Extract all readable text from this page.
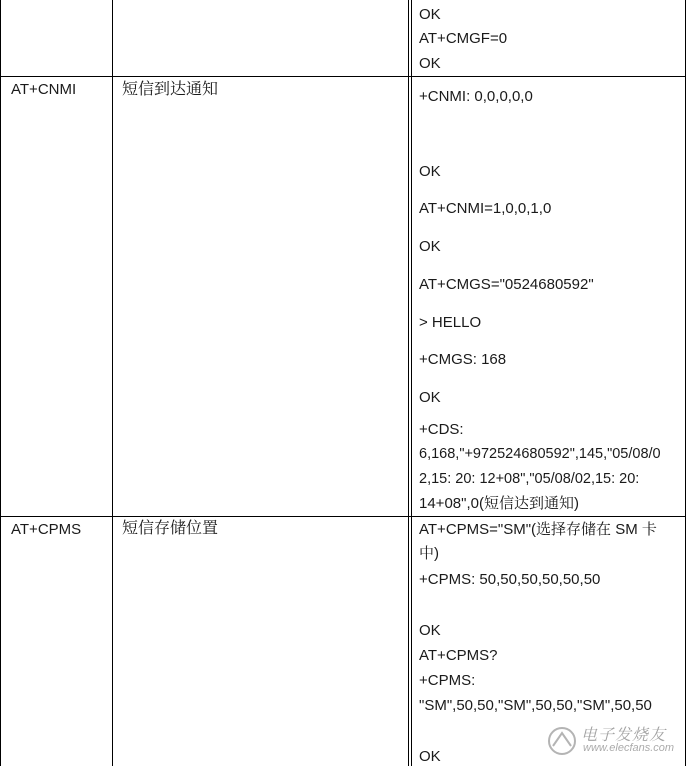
OK
AT+CMGF=0
OK
AT+CNMI	短信到达通知	+CNMI: 0,0,0,0,0
OK
AT+CNMI=1,0,0,1,0
OK
AT+CMGS="0524680592"
> HELLO
+CMGS: 168
OK
+CDS:
6,168,"+972524680592",145,"05/08/0
2,15: 20: 12+08","05/08/02,15: 20:
14+08",0(短信达到通知)
AT+CPMS	短信存储位置	AT+CPMS="SM"(选择存储在 SM 卡
中)
+CPMS: 50,50,50,50,50,50
OK
AT+CPMS?
+CPMS:
"SM",50,50,"SM",50,50,"SM",50,50
OK
电子发烧友
www.elecfans.com
